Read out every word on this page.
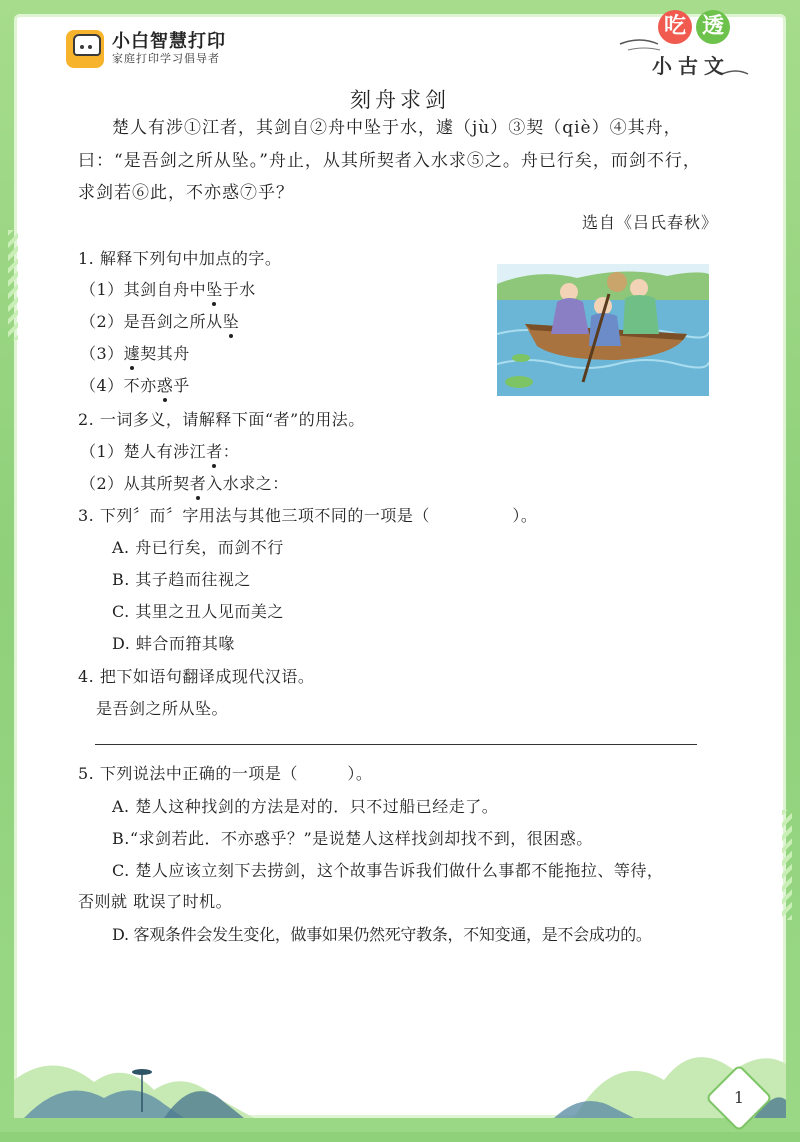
小白智慧打印
家庭打印学习倡导者
吃 透
小古文
刻舟求剑
楚人有涉①江者，其剑自②舟中坠于水，遽（jù）③契（qiè）④其舟，
曰：“是吾剑之所从坠。”舟止，从其所契者入水求⑤之。舟已行矣，而剑不行，
求剑若⑥此，不亦惑⑦乎？
选自《吕氏春秋》
1. 解释下列句中加点的字。
（1）其剑自舟中坠于水
（2）是吾剑之所从坠
（3）遽契其舟
（4）不亦惑乎
2. 一词多义，请解释下面“者”的用法。
（1）楚人有涉江者：
（2）从其所契者入水求之：
3. 下列〞而〞字用法与其他三项不同的一项是（　　　　　）。
A. 舟已行矣，而剑不行
B. 其子趋而往视之
C. 其里之丑人见而美之
D. 蚌合而箝其喙
4. 把下如语句翻译成现代汉语。
是吾剑之所从坠。
5. 下列说法中正确的一项是（　　　）。
A. 楚人这种找剑的方法是对的．只不过船已经走了。
B.“求剑若此．不亦惑乎？”是说楚人这样找剑却找不到，很困惑。
C. 楚人应该立刻下去捞剑，这个故事告诉我们做什么事都不能拖拉、等待，
否则就 耽误了时机。
D. 客观条件会发生变化，做事如果仍然死守教条，不知变通，是不会成功的。
1
